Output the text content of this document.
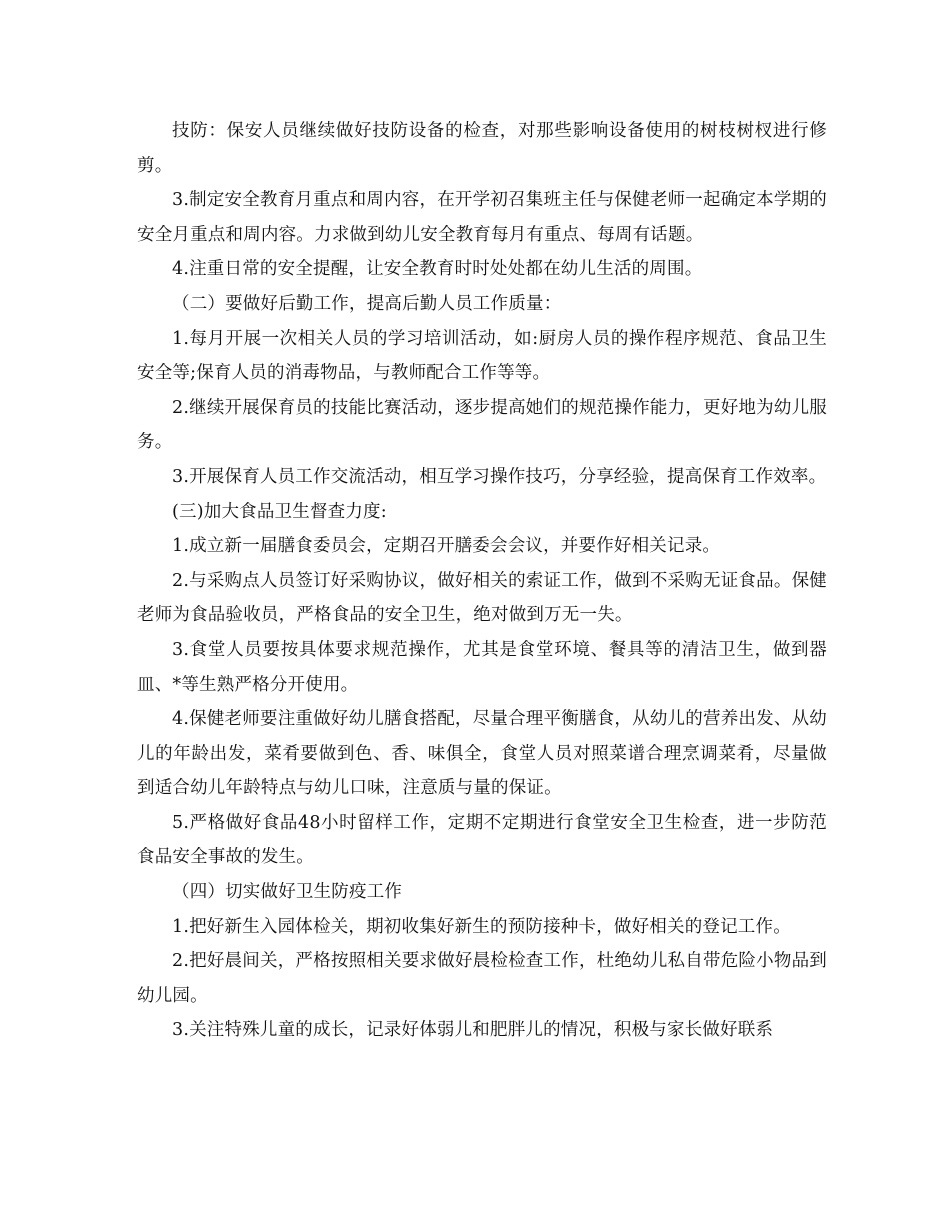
技防：保安人员继续做好技防设备的检查，对那些影响设备使用的树枝树杈进行修剪。

3.制定安全教育月重点和周内容，在开学初召集班主任与保健老师一起确定本学期的安全月重点和周内容。力求做到幼儿安全教育每月有重点、每周有话题。

4.注重日常的安全提醒，让安全教育时时处处都在幼儿生活的周围。

（二）要做好后勤工作，提高后勤人员工作质量：

1.每月开展一次相关人员的学习培训活动，如:厨房人员的操作程序规范、食品卫生安全等;保育人员的消毒物品，与教师配合工作等等。

2.继续开展保育员的技能比赛活动，逐步提高她们的规范操作能力，更好地为幼儿服务。

3.开展保育人员工作交流活动，相互学习操作技巧，分享经验，提高保育工作效率。

(三)加大食品卫生督查力度:

1.成立新一届膳食委员会，定期召开膳委会会议，并要作好相关记录。

2.与采购点人员签订好采购协议，做好相关的索证工作，做到不采购无证食品。保健老师为食品验收员，严格食品的安全卫生，绝对做到万无一失。

3.食堂人员要按具体要求规范操作，尤其是食堂环境、餐具等的清洁卫生，做到器皿、*等生熟严格分开使用。

4.保健老师要注重做好幼儿膳食搭配，尽量合理平衡膳食，从幼儿的营养出发、从幼儿的年龄出发，菜肴要做到色、香、味俱全，食堂人员对照菜谱合理烹调菜肴，尽量做到适合幼儿年龄特点与幼儿口味，注意质与量的保证。

5.严格做好食品48小时留样工作，定期不定期进行食堂安全卫生检查，进一步防范食品安全事故的发生。

（四）切实做好卫生防疫工作

1.把好新生入园体检关，期初收集好新生的预防接种卡，做好相关的登记工作。

2.把好晨间关，严格按照相关要求做好晨检检查工作，杜绝幼儿私自带危险小物品到幼儿园。

3.关注特殊儿童的成长，记录好体弱儿和肥胖儿的情况，积极与家长做好联系
